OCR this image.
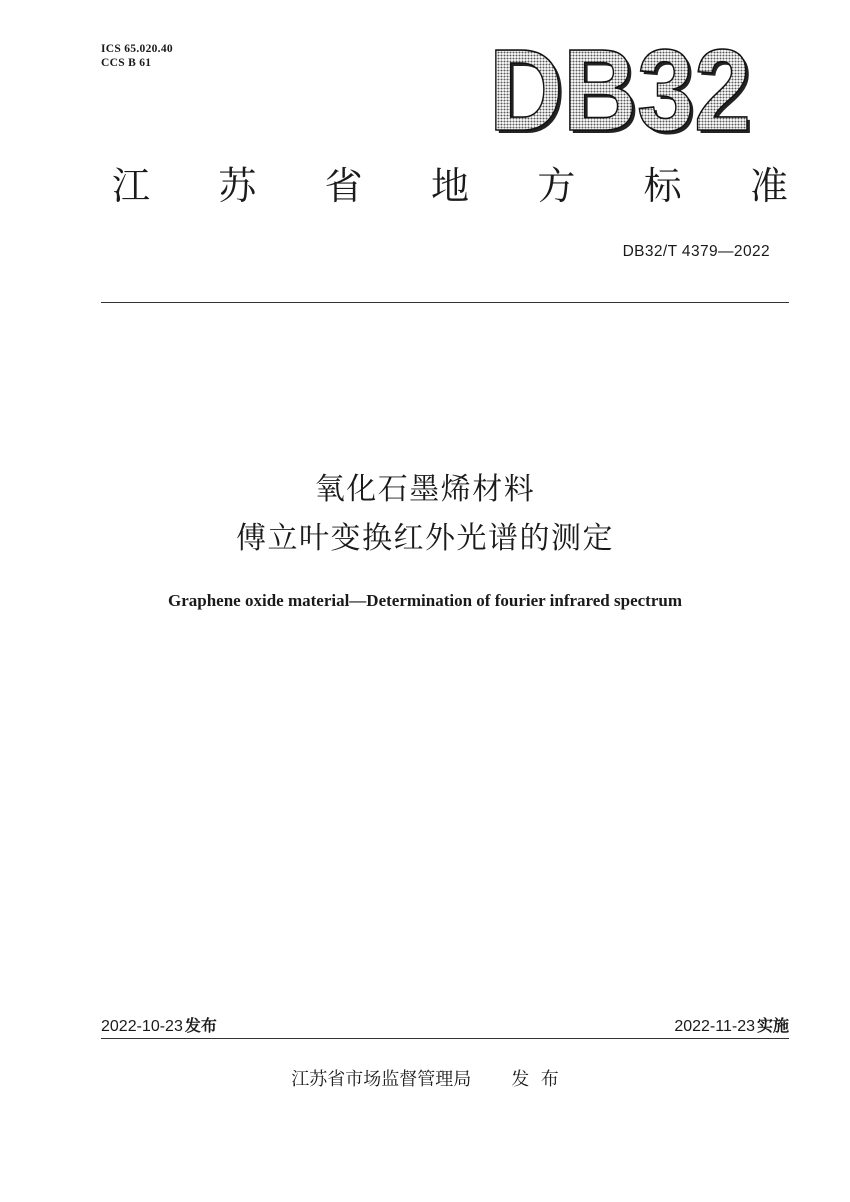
ICS 65.020.40
CCS B 61	DB32
DB32
江 苏 省 地 方 标 准
DB32/T 4379—2022
氧化石墨烯材料
傅立叶变换红外光谱的测定
Graphene oxide material—Determination of fourier infrared spectrum
2022-10-23 发布	2022-11-23 实施
江苏省市场监督管理局 发  布
